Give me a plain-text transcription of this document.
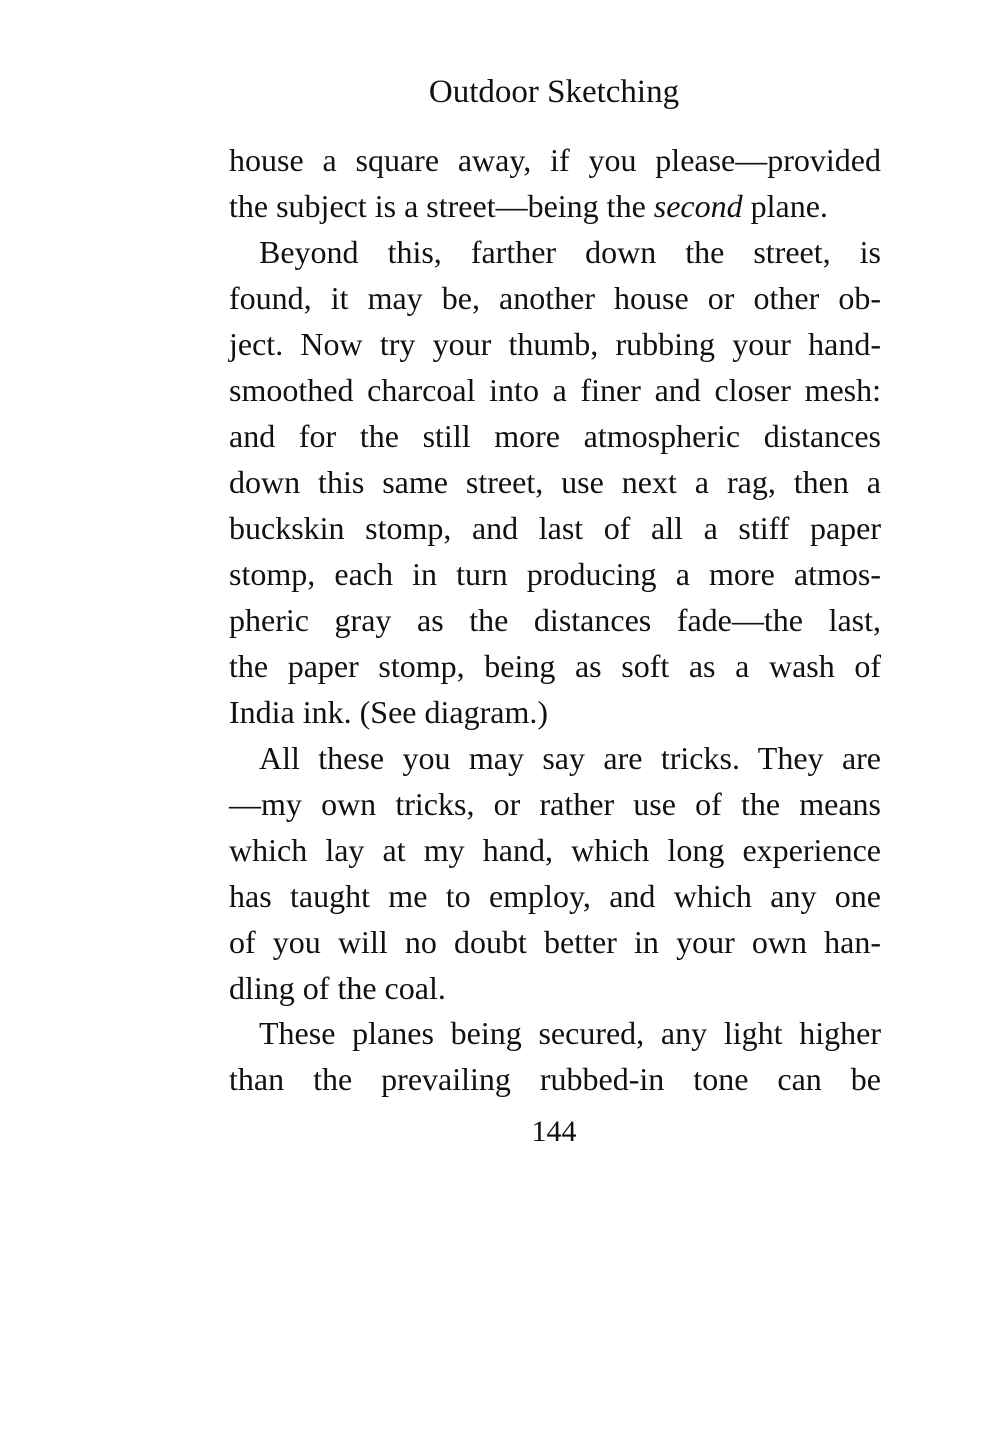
Outdoor Sketching
house a square away, if you please—provided
the subject is a street—being the second plane.
Beyond this, farther down the street, is
found, it may be, another house or other ob-
ject. Now try your thumb, rubbing your hand-
smoothed charcoal into a finer and closer mesh:
and for the still more atmospheric distances
down this same street, use next a rag, then a
buckskin stomp, and last of all a stiff paper
stomp, each in turn producing a more atmos-
pheric gray as the distances fade—the last,
the paper stomp, being as soft as a wash of
India ink. (See diagram.)
All these you may say are tricks. They are
—my own tricks, or rather use of the means
which lay at my hand, which long experience
has taught me to employ, and which any one
of you will no doubt better in your own han-
dling of the coal.
These planes being secured, any light higher
than the prevailing rubbed-in tone can be
144
